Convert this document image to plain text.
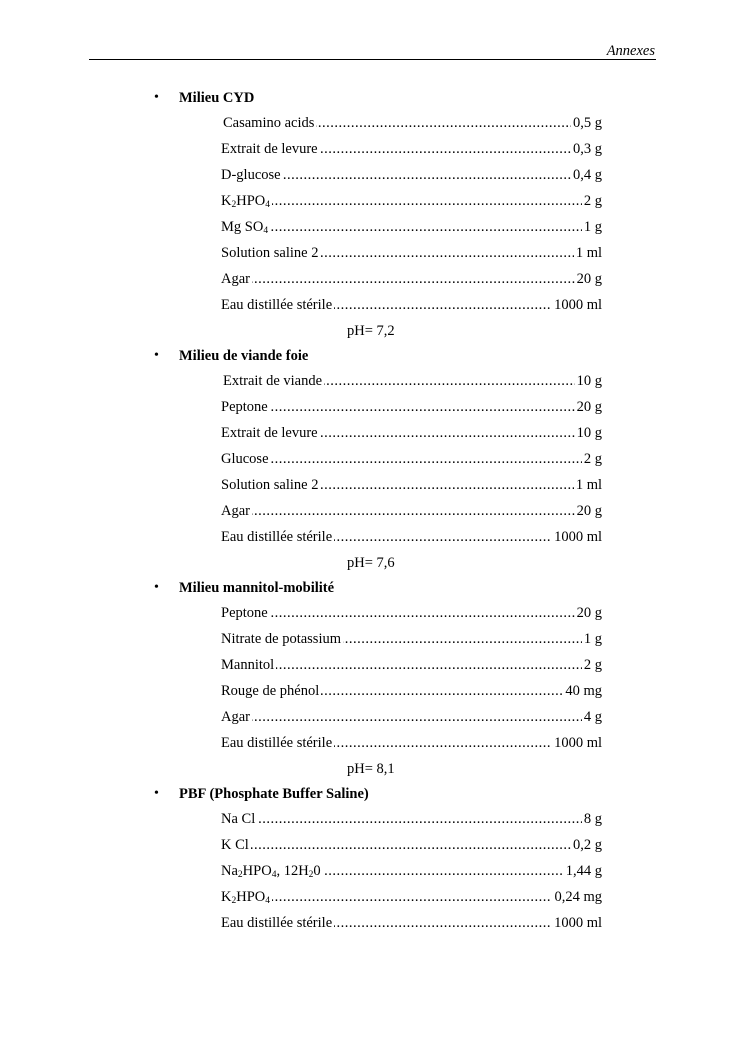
Annexes
• Milieu CYD
.....
Casamino acids	0,5 g
.....
Extrait de levure	0,3 g
.....
D-glucose	0,4 g
.....
$K_2HPO_4$	2 g
.....
Mg $SO_4$	1 g
.....
Solution saline 2	1 ml
.....
Agar	20 g
.....
Eau distillée stérile	1000 ml
pH= 7,2
• Milieu de viande foie
.....
Extrait de viande	10 g
.....
Peptone	20 g
.....
Extrait de levure	10 g
.....
Glucose	2 g
.....
Solution saline 2	1 ml
.....
Agar	20 g
.....
Eau distillée stérile	1000 ml
pH= 7,6
• Milieu mannitol-mobilité
.....
Peptone	20 g
.....
Nitrate de potassium	1 g
.....
Mannitol	2 g
.....
Rouge de phénol	40 mg
.....
Agar	4 g
.....
Eau distillée stérile	1000 ml
pH= 8,1
• PBF (Phosphate Buffer Saline)
.....
Na Cl	8 g
.....
K Cl	0,2 g
.....
$Na_2HPO_4$, $12H_20$	1,44 g
.....
$K_2HPO_4$	0,24 mg
.....
Eau distillée stérile	1000 ml
